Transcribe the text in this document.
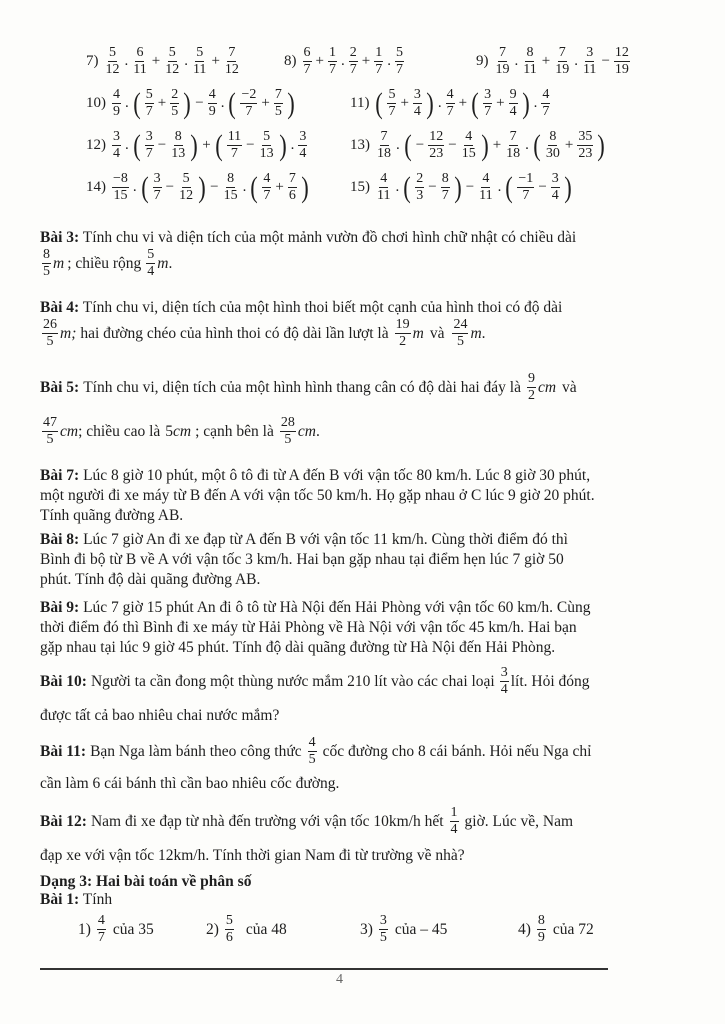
7)
5
12
.
6
11
+ $\frac{5}{12}$ .
5
11
+ $\frac{7}{12}$	8)
6
7
+ $\frac{1}{7}$ .
2
7
+ $\frac{1}{7}$ .
5
7
9)
7
19
.
8
11
+ $\frac{7}{19}$ .
3
11
− $\frac{12}{19}$
10)
4
9
. ( 5
7
+ $\frac{2}{5}$ ) − $\frac{4}{9}$ . ( −2
7
+ $\frac{7}{5}$ )	11) ( 5
7
+ $\frac{3}{4}$ ) .
4
7
+ ( 3
7
+ $\frac{9}{4}$ ) .
4
7
12)
3
4
. ( 3
7
− $\frac{8}{13}$ ) + ( 11
7
− $\frac{5}{13}$ ) .
3
4
13)
7
18
. ( − $\frac{12}{23} - \frac{4}{15}$ ) + $\frac{7}{18}$ . ( 8
30
+ $\frac{35}{23}$ )
14)
−8
15
. ( 3
7
− $\frac{5}{12}$ ) − $\frac{8}{15}$ . ( 4
7
+ $\frac{7}{6}$ )	15)
4
11
. ( 2
3
− $\frac{8}{7}$ ) − $\frac{4}{11}$ . ( −1
7
− $\frac{3}{4}$ )
Bài 3: Tính chu vi và diện tích của một mảnh vườn đồ chơi hình chữ nhật có chiều dài
8
5 m ; chiều rộng 5
4 m .
Bài 4: Tính chu vi, diện tích của một hình thoi biết một cạnh của hình thoi có độ dài
26
5 m; hai đường chéo của hình thoi có độ dài lần lượt là 19
2 m và 24
5 m .
Bài 5: Tính chu vi, diện tích của một hình hình thang cân có độ dài hai đáy là 9
2 cm và
47
5 cm ; chiều cao là 5 cm ; cạnh bên là 28
5 cm .
Bài 7: Lúc 8 giờ 10 phút, một ô tô đi từ A đến B với vận tốc 80 km/h. Lúc 8 giờ 30 phút,
một người đi xe máy từ B đến A với vận tốc 50 km/h. Họ gặp nhau ở C lúc 9 giờ 20 phút.
Tính quãng đường AB.
Bài 8: Lúc 7 giờ An đi xe đạp từ A đến B với vận tốc 11 km/h. Cùng thời điểm đó thì
Bình đi bộ từ B về A với vận tốc 3 km/h. Hai bạn gặp nhau tại điểm hẹn lúc 7 giờ 50
phút. Tính độ dài quãng đường AB.
Bài 9: Lúc 7 giờ 15 phút An đi ô tô từ Hà Nội đến Hải Phòng với vận tốc 60 km/h. Cùng
thời điểm đó thì Bình đi xe máy từ Hải Phòng về Hà Nội với vận tốc 45 km/h. Hai bạn
gặp nhau tại lúc 9 giờ 45 phút. Tính độ dài quãng đường từ Hà Nội đến Hải Phòng.
Bài 10: Người ta cần đong một thùng nước mắm 210 lít vào các chai loại 3
4 lít. Hỏi đóng
được tất cả bao nhiêu chai nước mắm?
Bài 11: Bạn Nga làm bánh theo công thức 4
5 cốc đường cho 8 cái bánh. Hỏi nếu Nga chỉ
cần làm 6 cái bánh thì cần bao nhiêu cốc đường.
Bài 12: Nam đi xe đạp từ nhà đến trường với vận tốc 10km/h hết 1
4 giờ. Lúc về, Nam
đạp xe với vận tốc 12km/h. Tính thời gian Nam đi từ trường về nhà?
Dạng 3: Hai bài toán về phân số
Bài 1: Tính
1) 4
7 của 35	2) 5
6 của 48	3) 3
5 của – 45	4) 8
9 của 72
4
